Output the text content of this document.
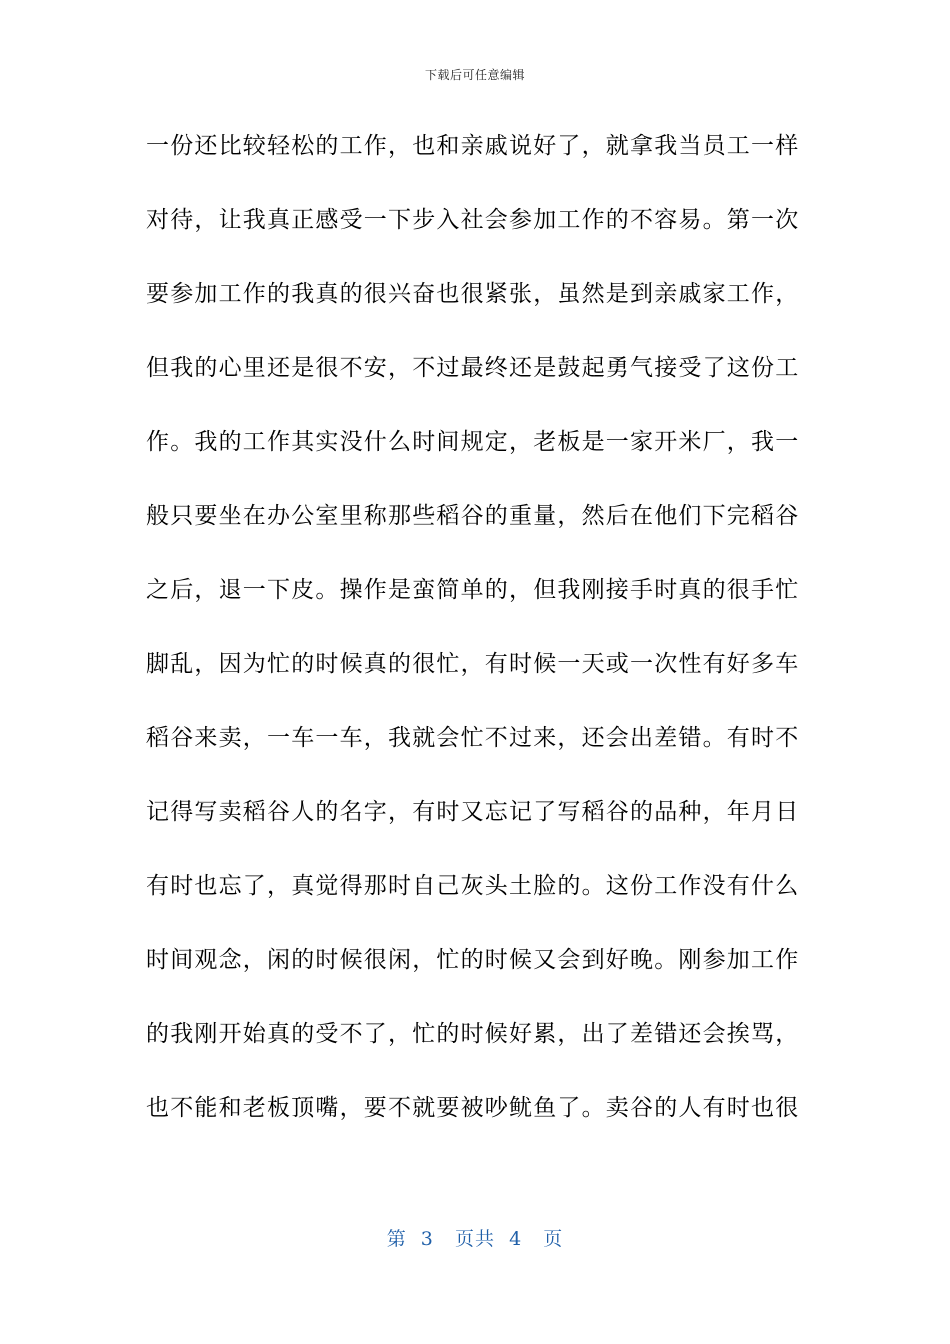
下载后可任意编辑
一份还比较轻松的工作，也和亲戚说好了，就拿我当员工一样
对待，让我真正感受一下步入社会参加工作的不容易。第一次
要参加工作的我真的很兴奋也很紧张，虽然是到亲戚家工作，
但我的心里还是很不安，不过最终还是鼓起勇气接受了这份工
作。我的工作其实没什么时间规定，老板是一家开米厂，我一
般只要坐在办公室里称那些稻谷的重量，然后在他们下完稻谷
之后，退一下皮。操作是蛮简单的，但我刚接手时真的很手忙
脚乱，因为忙的时候真的很忙，有时候一天或一次性有好多车
稻谷来卖，一车一车，我就会忙不过来，还会出差错。有时不
记得写卖稻谷人的名字，有时又忘记了写稻谷的品种，年月日
有时也忘了，真觉得那时自己灰头土脸的。这份工作没有什么
时间观念，闲的时候很闲，忙的时候又会到好晚。刚参加工作
的我刚开始真的受不了，忙的时候好累，出了差错还会挨骂，
也不能和老板顶嘴，要不就要被吵鱿鱼了。卖谷的人有时也很
第  3   页共  4   页
